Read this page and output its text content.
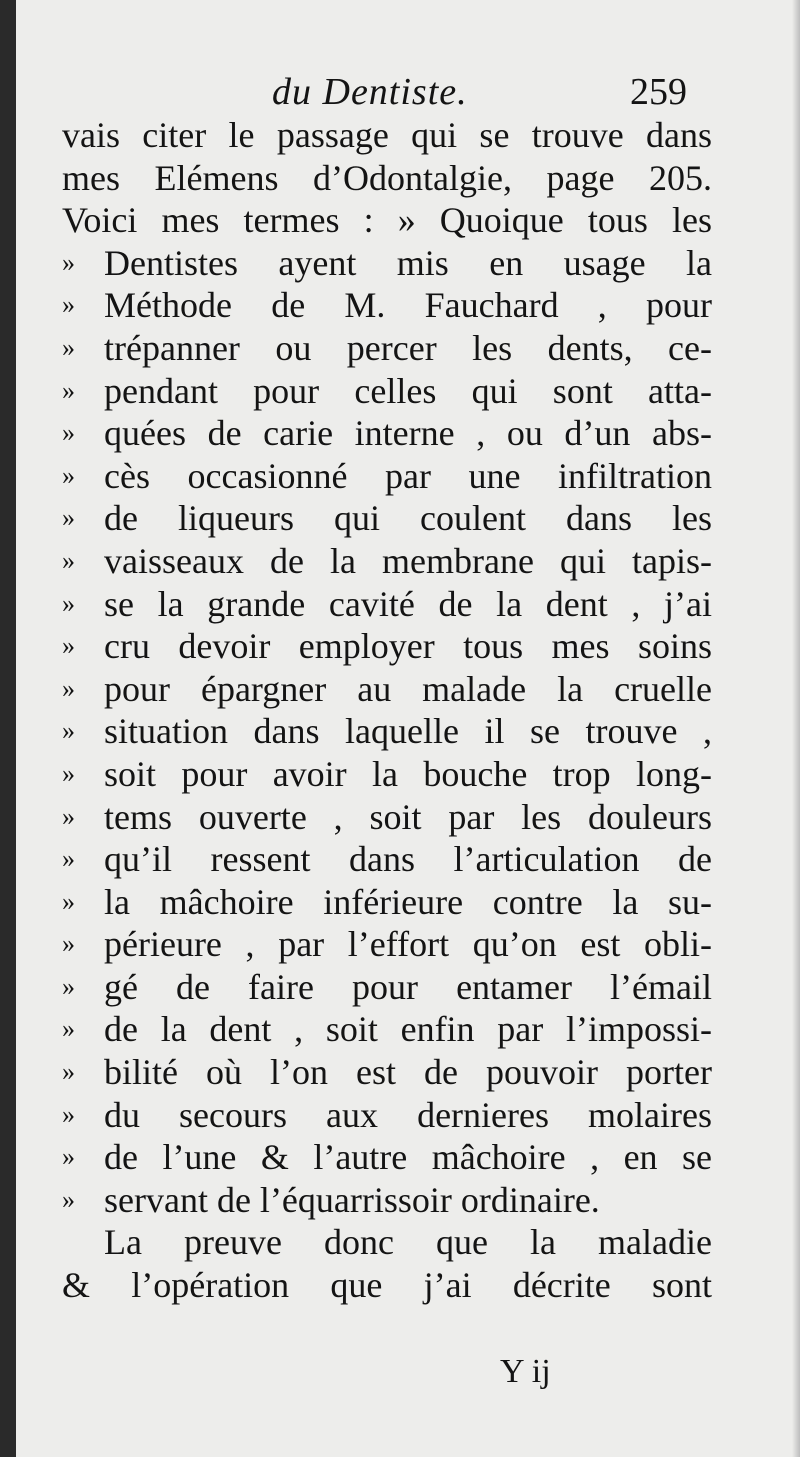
du Dentiste.	259
vais citer le passage qui se trouve dans
mes Elémens d’Odontalgie, page 205.
Voici mes termes : » Quoique tous les
» Dentistes ayent mis en usage la
» Méthode de M. Fauchard , pour
» trépanner ou percer les dents, ce-
» pendant pour celles qui sont atta-
» quées de carie interne , ou d’un abs-
» cès occasionné par une infiltration
» de liqueurs qui coulent dans les
» vaisseaux de la membrane qui tapis-
» se la grande cavité de la dent , j’ai
» cru devoir employer tous mes soins
» pour épargner au malade la cruelle
» situation dans laquelle il se trouve ,
» soit pour avoir la bouche trop long-
» tems ouverte , soit par les douleurs
» qu’il ressent dans l’articulation de
» la mâchoire inférieure contre la su-
» périeure , par l’effort qu’on est obli-
» gé de faire pour entamer l’émail
» de la dent , soit enfin par l’impossi-
» bilité où l’on est de pouvoir porter
» du secours aux dernieres molaires
» de l’une & l’autre mâchoire , en se
» servant de l’équarrissoir ordinaire.
La preuve donc que la maladie
& l’opération que j’ai décrite sont
Y ij
